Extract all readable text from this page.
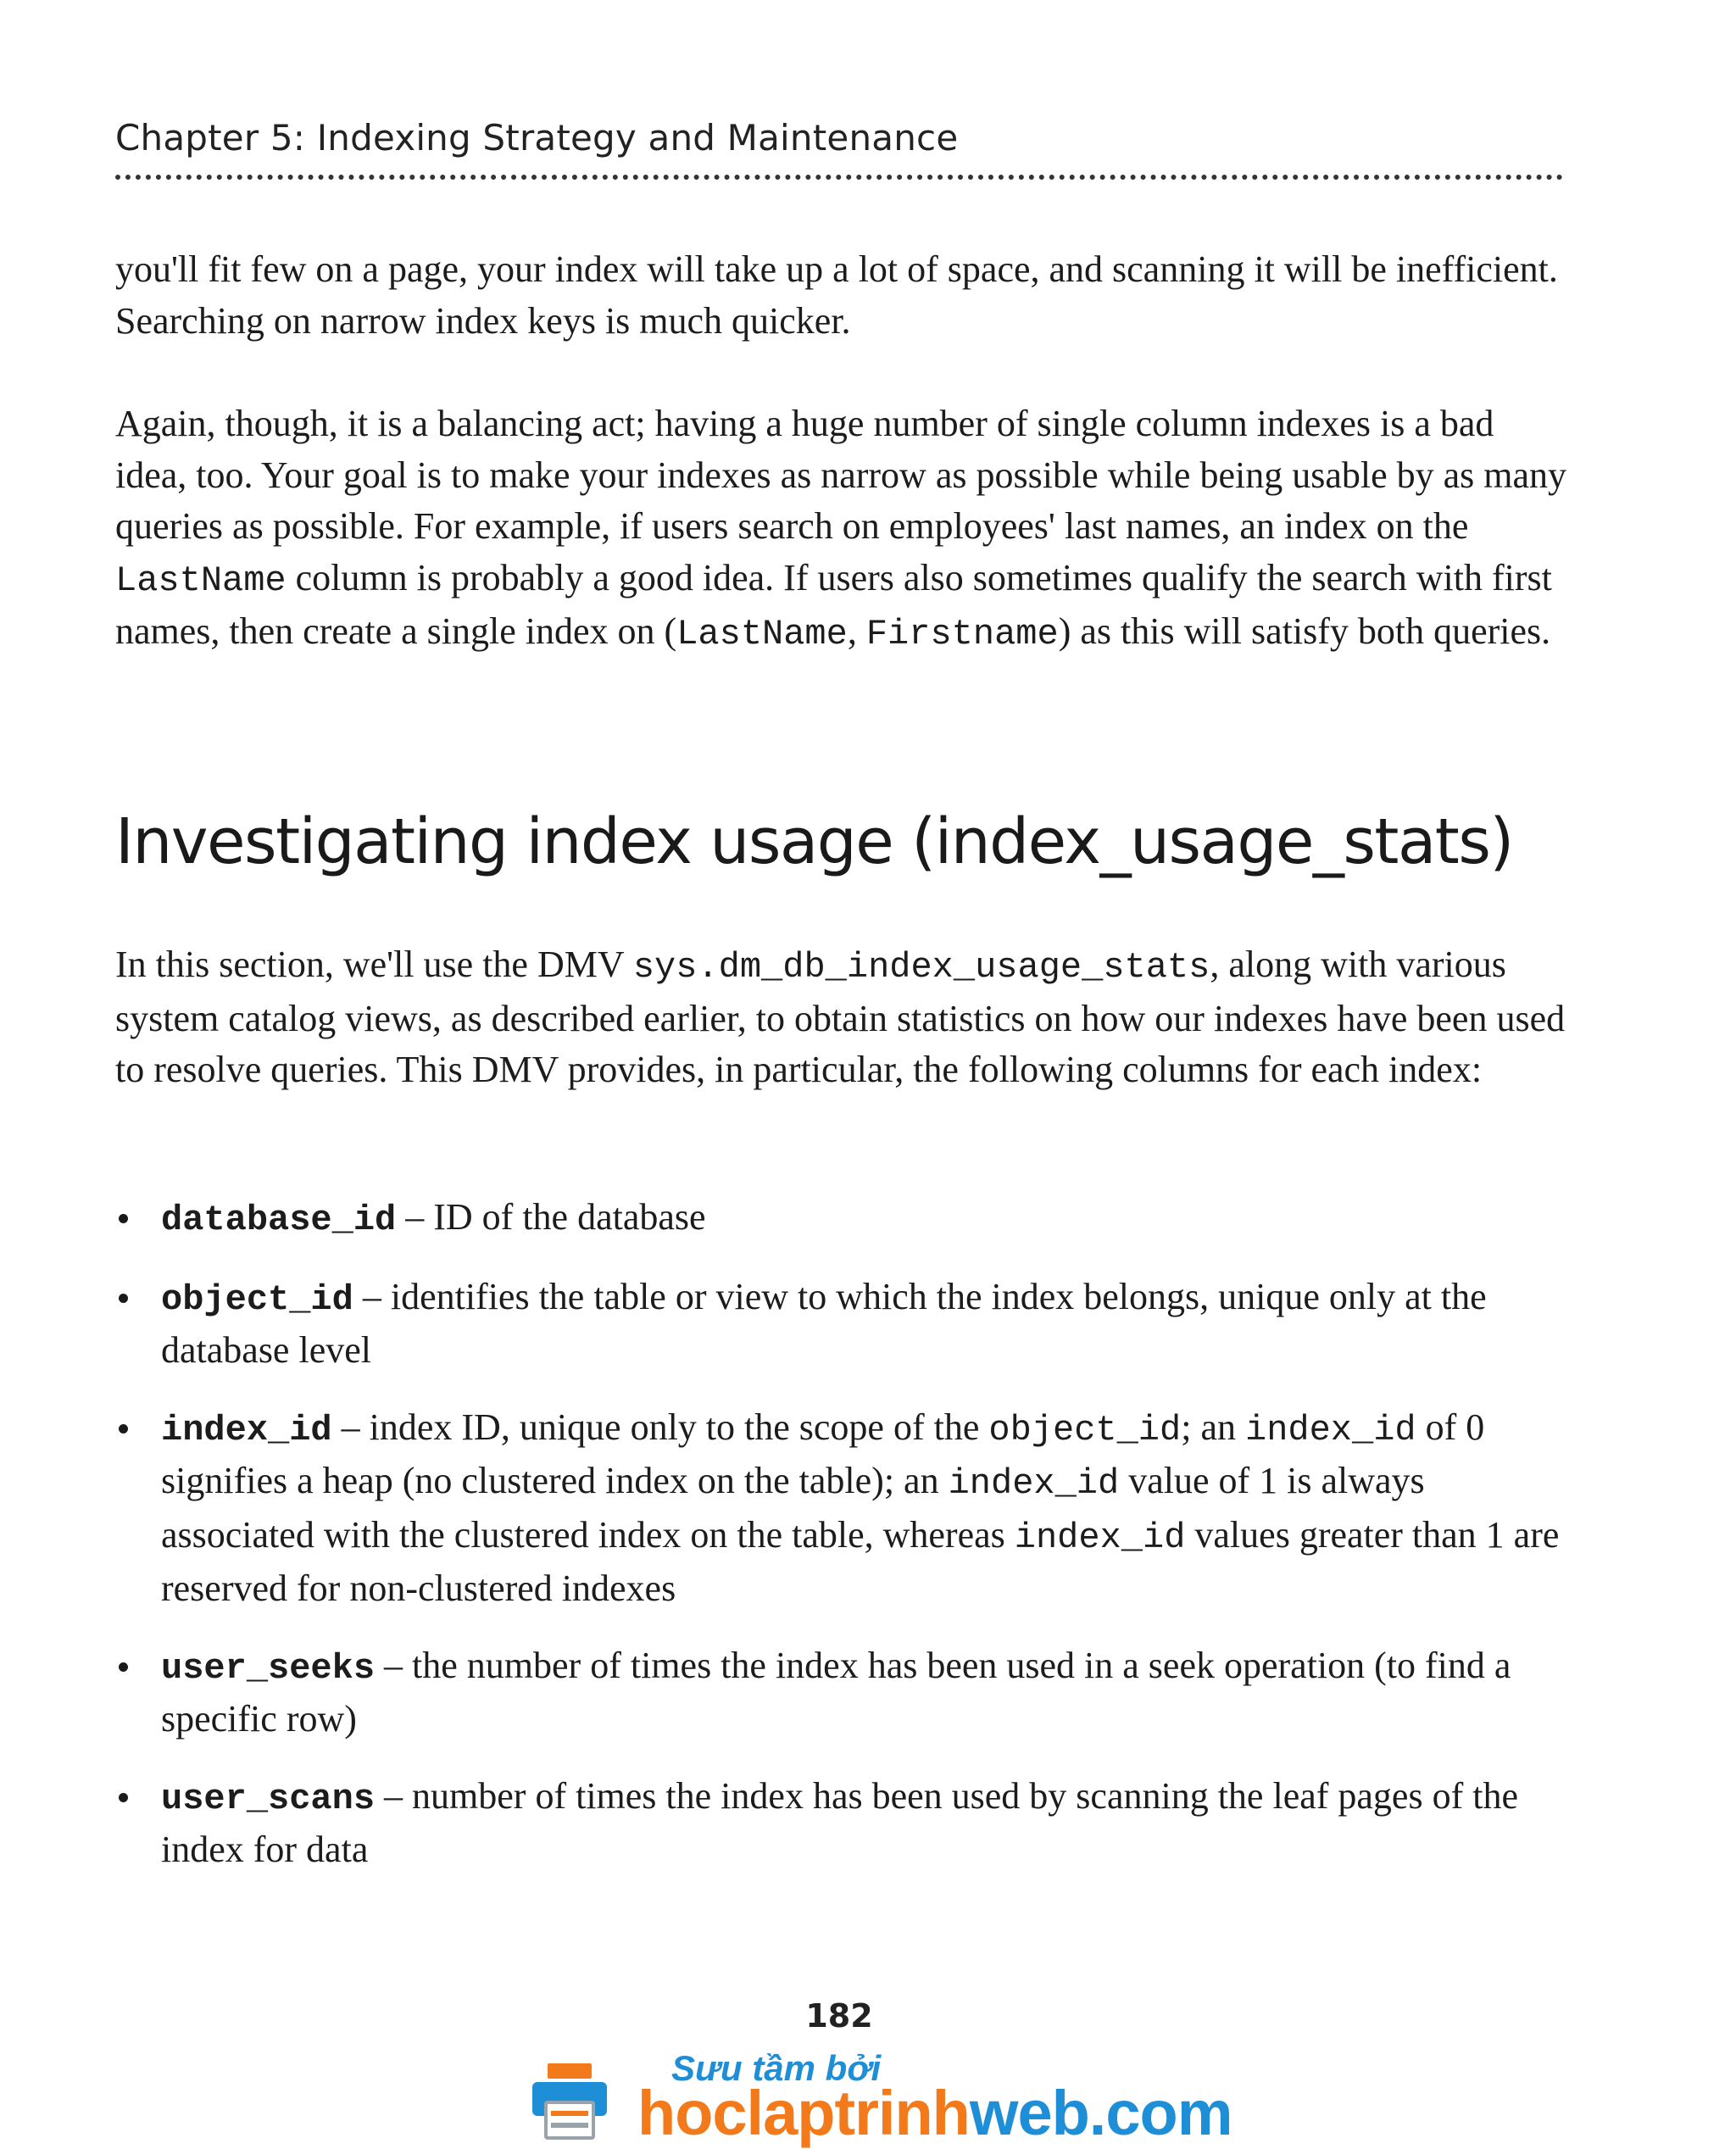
Chapter 5: Indexing Strategy and Maintenance

you'll fit few on a page, your index will take up a lot of space, and scanning it will be inefficient. Searching on narrow index keys is much quicker.

Again, though, it is a balancing act; having a huge number of single column indexes is a bad idea, too. Your goal is to make your indexes as narrow as possible while being usable by as many queries as possible. For example, if users search on employees' last names, an index on the LastName column is probably a good idea. If users also sometimes qualify the search with first names, then create a single index on (LastName, Firstname) as this will satisfy both queries.

Investigating index usage (index_usage_stats)

In this section, we'll use the DMV sys.dm_db_index_usage_stats, along with various system catalog views, as described earlier, to obtain statistics on how our indexes have been used to resolve queries. This DMV provides, in particular, the following columns for each index:

database_id – ID of the database
object_id – identifies the table or view to which the index belongs, unique only at the database level
index_id – index ID, unique only to the scope of the object_id; an index_id of 0 signifies a heap (no clustered index on the table); an index_id value of 1 is always associated with the clustered index on the table, whereas index_id values greater than 1 are reserved for non-clustered indexes
user_seeks – the number of times the index has been used in a seek operation (to find a specific row)
user_scans – number of times the index has been used by scanning the leaf pages of the index for data
182
Sưu tầm bởi
hoclaptrinhweb.com
